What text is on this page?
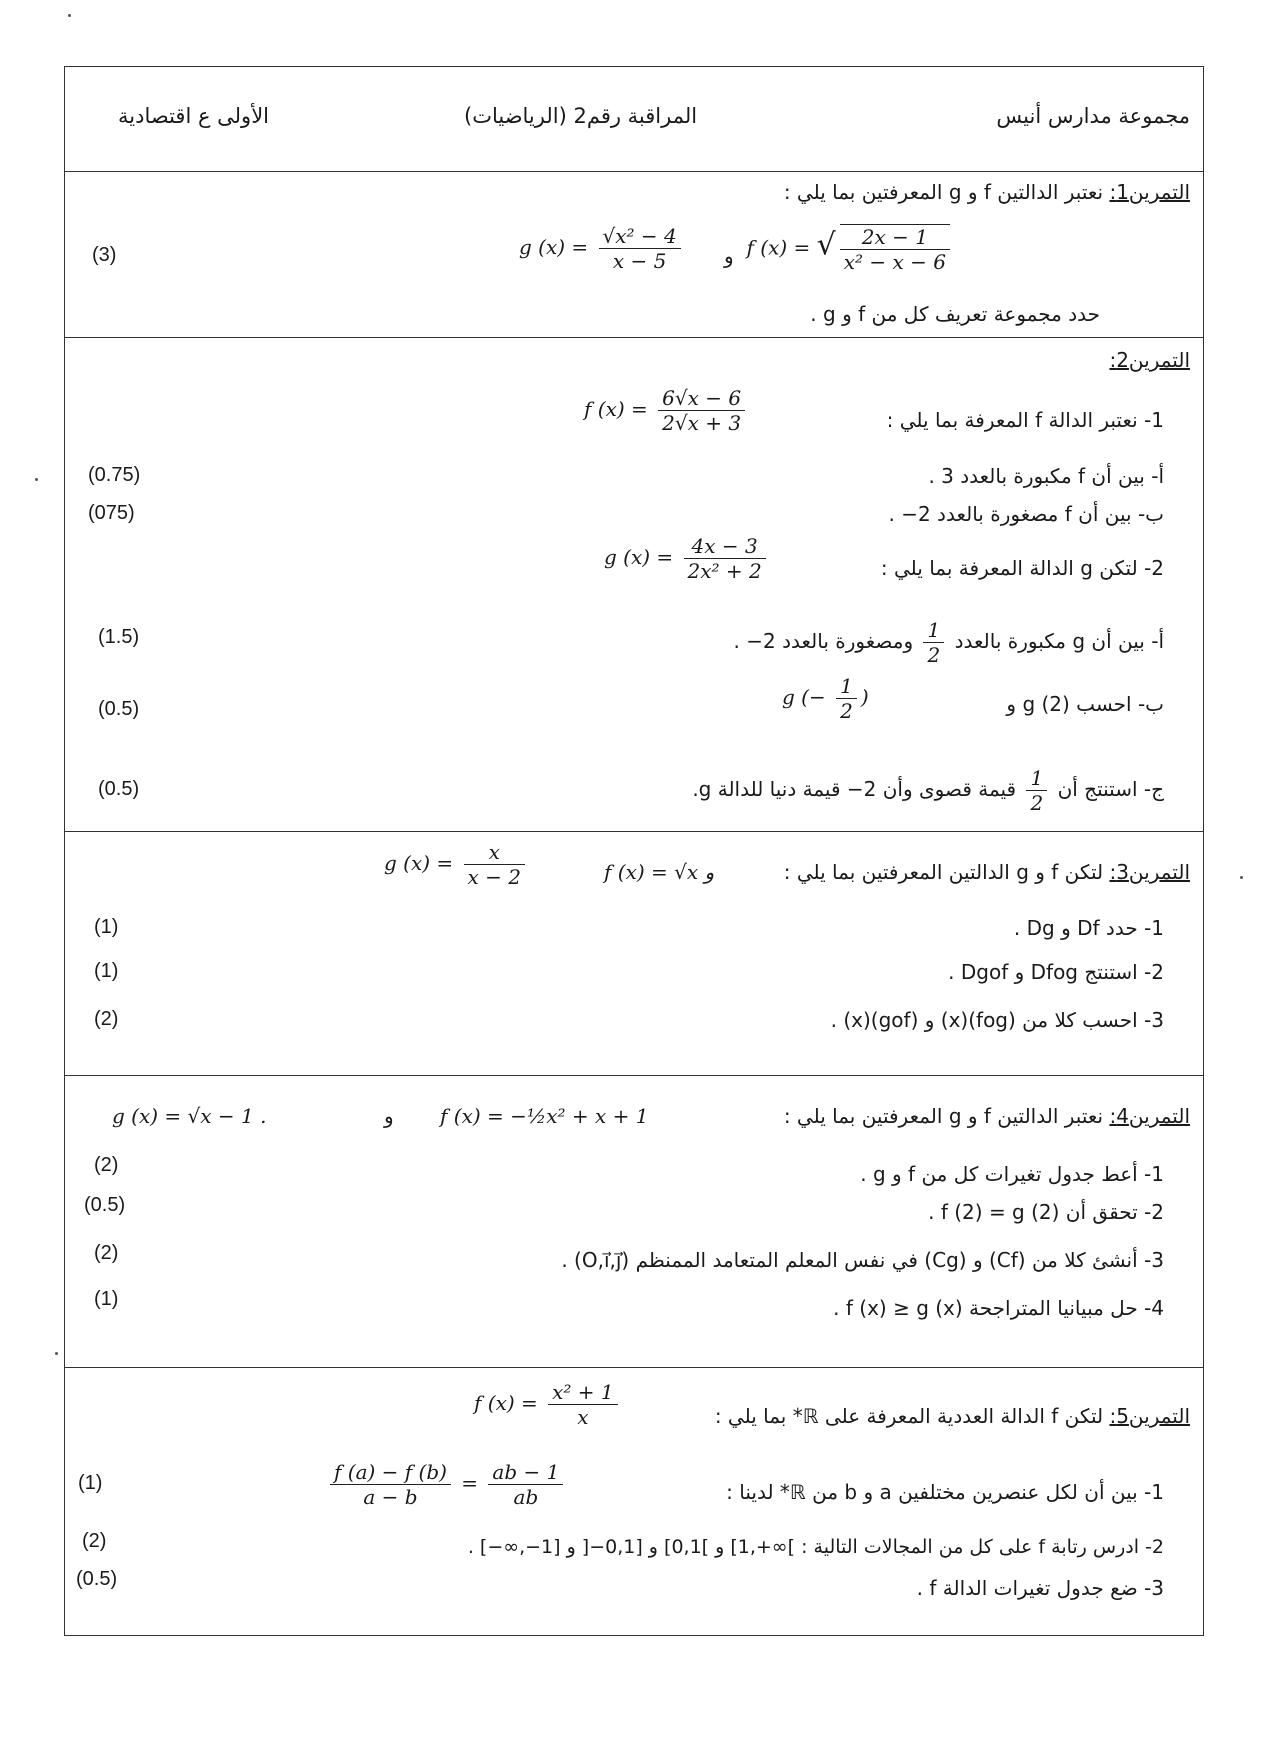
مجموعة مدارس أنيس
المراقبة رقم2 (الرياضيات)
الأولى ع اقتصادية
التمرين1: نعتبر الدالتين f و g المعرفتين بما يلي :
f (x) = √ $\frac{2x - 1}{\text{x² − x − 6}}$
و
g $(x) = \frac{\text{√x² − 4}}{x - 5}$
(3)
حدد مجموعة تعريف كل من f و g .
التمرين2:
1- نعتبر الدالة f المعرفة بما يلي :
f $(x) = \frac{6√x - 6}{2√x + 3}$
أ- بين أن f مكبورة بالعدد 3 .
(0.75)
ب- بين أن f مصغورة بالعدد 2− .
(075)
2- لتكن g الدالة المعرفة بما يلي :
g $(x) = \frac{4x - 3}{\text{2x² + 2}}$
أ- بين أن g مكبورة بالعدد
$\frac{1}{2}$
ومصغورة بالعدد 2− .
(1.5)
ب- احسب g (2) و
g (− $\frac{1}{2}$ )
(0.5)
ج- استنتج أن
$\frac{1}{2}$
قيمة قصوى وأن 2− قيمة دنيا للدالة g.
(0.5)
التمرين3: لتكن f و g الدالتين المعرفتين بما يلي :
f (x) = √x و
g $(x) = \frac{x}{x - 2}$
1- حدد Df و Dg .
(1)
2- استنتج Dfog و Dgof .
(1)
3- احسب كلا من (fog)(x) و (gof)(x) .
(2)
التمرين4: نعتبر الدالتين f و g المعرفتين بما يلي :
f (x) = −½x² + x + 1
و
g (x) = √x − 1 .
1- أعط جدول تغيرات كل من f و g .
(2)
2- تحقق أن f (2) = g (2) .
(0.5)
3- أنشئ كلا من (Cf) و (Cg) في نفس المعلم المتعامد الممنظم (O,i⃗,j⃗) .
(2)
4- حل مبيانيا المتراجحة f (x) ≥ g (x) .
(1)
التمرين5: لتكن f الدالة العددية المعرفة على ℝ* بما يلي :
f $(x) = \frac{\text{x² + 1}}{x}$
1- بين أن لكل عنصرين مختلفين a و b من ℝ* لدينا :
$\frac{f (a) - f (b)}{a - b} = \frac{ab - 1}{ab}$
(1)
2- ادرس رتابة f على كل من المجالات التالية : ]∞+,1] و ]0,1] و [0,1−[ و [1−,∞−] .
(2)
3- ضع جدول تغيرات الدالة f .
(0.5)
